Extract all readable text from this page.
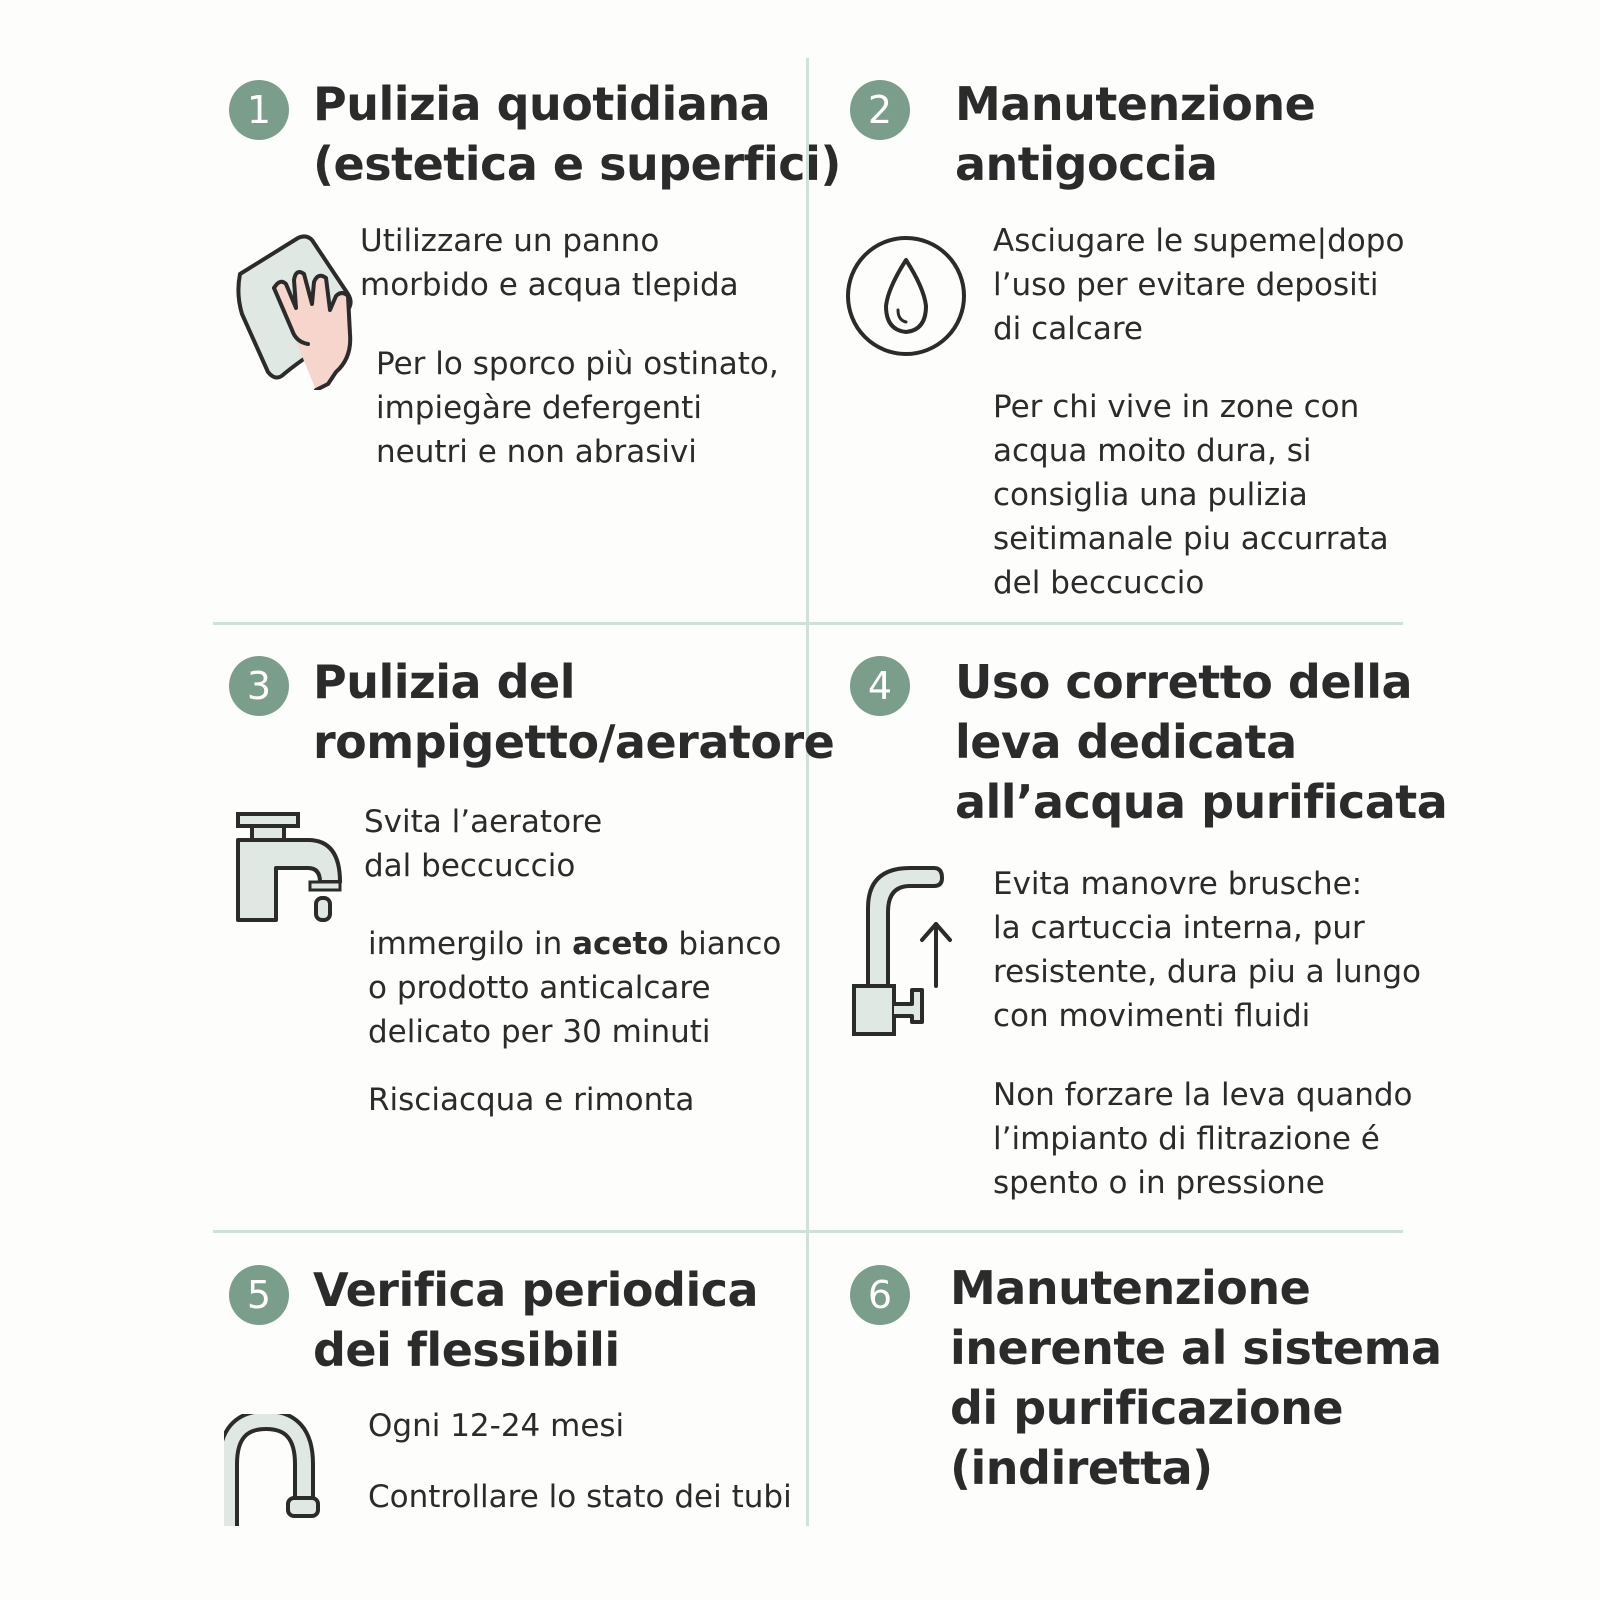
1 Pulizia quotidiana
(estetica e superfici)

Utilizzare un panno
morbido e acqua tlepida

Per lo sporco più ostinato,
impiegàre defergenti
neutri e non abrasivi

2	Manutenzione
antigoccia

Asciugare le supeme|dopo
l’uso per evitare depositi
di calcare

Per chi vive in zone con
acqua moito dura, si
consiglia una pulizia
seitimanale piu accurrata
del beccuccio

3 Pulizia del
rompigetto/aeratore

Svita l’aeratore
dal beccuccio

immergilo in aceto bianco
o prodotto anticalcare
delicato per 30 minuti

Risciacqua e rimonta

4	Uso corretto della
leva dedicata
all’acqua purificata

Evita manovre brusche:
la cartuccia interna, pur
resistente, dura piu a lungo
con movimenti fluidi

Non forzare la leva quando
l’impianto di flitrazione é
spento o in pressione

5 Verifica periodica
dei flessibili

Ogni 12-24 mesi

Controllare lo stato dei tubi

6	Manutenzione
inerente al sistema
di purificazione
(indiretta)
